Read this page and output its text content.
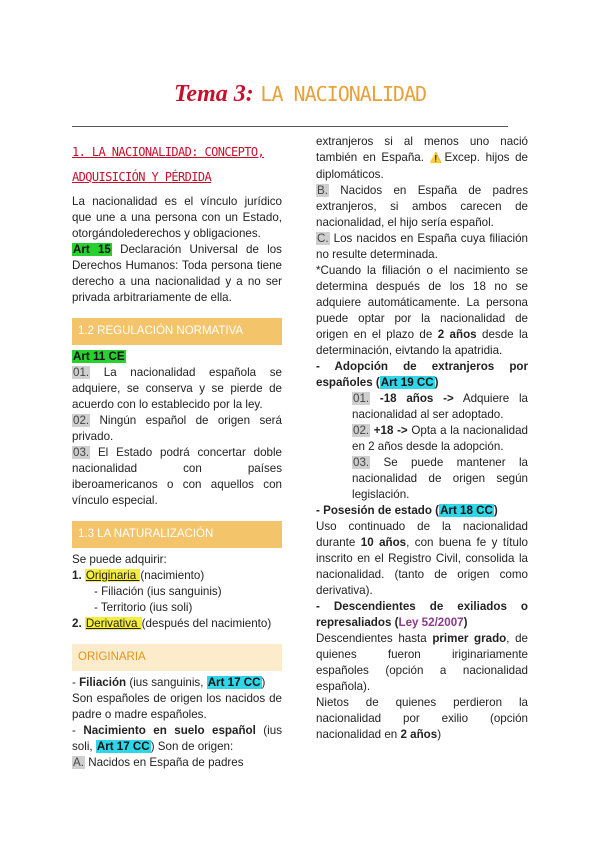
Tema 3: LA NACIONALIDAD
1. LA NACIONALIDAD: CONCEPTO,
ADQUISICIÓN Y PÉRDIDA

La nacionalidad es el vínculo jurídico que une a una persona con un Estado, otorgándolederechos y obligaciones.

Art 15 Declaración Universal de los Derechos Humanos: Toda persona tiene derecho a una nacionalidad y a no ser privada arbitrariamente de ella.

1.2 REGULACIÓN NORMATIVA

Art 11 CE

01. La nacionalidad española se adquiere, se conserva y se pierde de acuerdo con lo establecido por la ley.

02. Ningún español de origen será privado.

03. El Estado podrá concertar doble nacionalidad con países iberoamericanos o con aquellos con vínculo especial.

1.3 LA NATURALIZACIÓN

Se puede adquirir:

1. Originaria (nacimiento)

- Filiación (ius sanguinis)

- Territorio (ius soli)

2. Derivativa (después del nacimiento)

ORIGINARIA

- Filiación (ius sanguinis, Art 17 CC)

Son españoles de origen los nacidos de padre o madre españoles.

- Nacimiento en suelo español (ius soli, Art 17 CC) Son de origen:

A. Nacidos en España de padres

extranjeros si al menos uno nació también en España. ⚠️Excep. hijos de diplomáticos.

B. Nacidos en España de padres extranjeros, si ambos carecen de nacionalidad, el hijo sería español.

C. Los nacidos en España cuya filiación no resulte determinada.

*Cuando la filiación o el nacimiento se determina después de los 18 no se adquiere automáticamente. La persona puede optar por la nacionalidad de origen en el plazo de 2 años desde la determinación, eivtando la apatridia.

- Adopción de extranjeros por españoles (Art 19 CC)

01. -18 años -> Adquiere la nacionalidad al ser adoptado.

02. +18 -> Opta a la nacionalidad en 2 años desde la adopción.

03. Se puede mantener la nacionalidad de origen según legislación.

- Posesión de estado (Art 18 CC)

Uso continuado de la nacionalidad durante 10 años, con buena fe y título inscrito en el Registro Civil, consolida la nacionalidad. (tanto de origen como derivativa).

- Descendientes de exiliados o represaliados (Ley 52/2007)

Descendientes hasta primer grado, de quienes fueron iriginariamente españoles (opción a nacionalidad española).

Nietos de quienes perdieron la nacionalidad por exilio (opción nacionalidad en 2 años)
